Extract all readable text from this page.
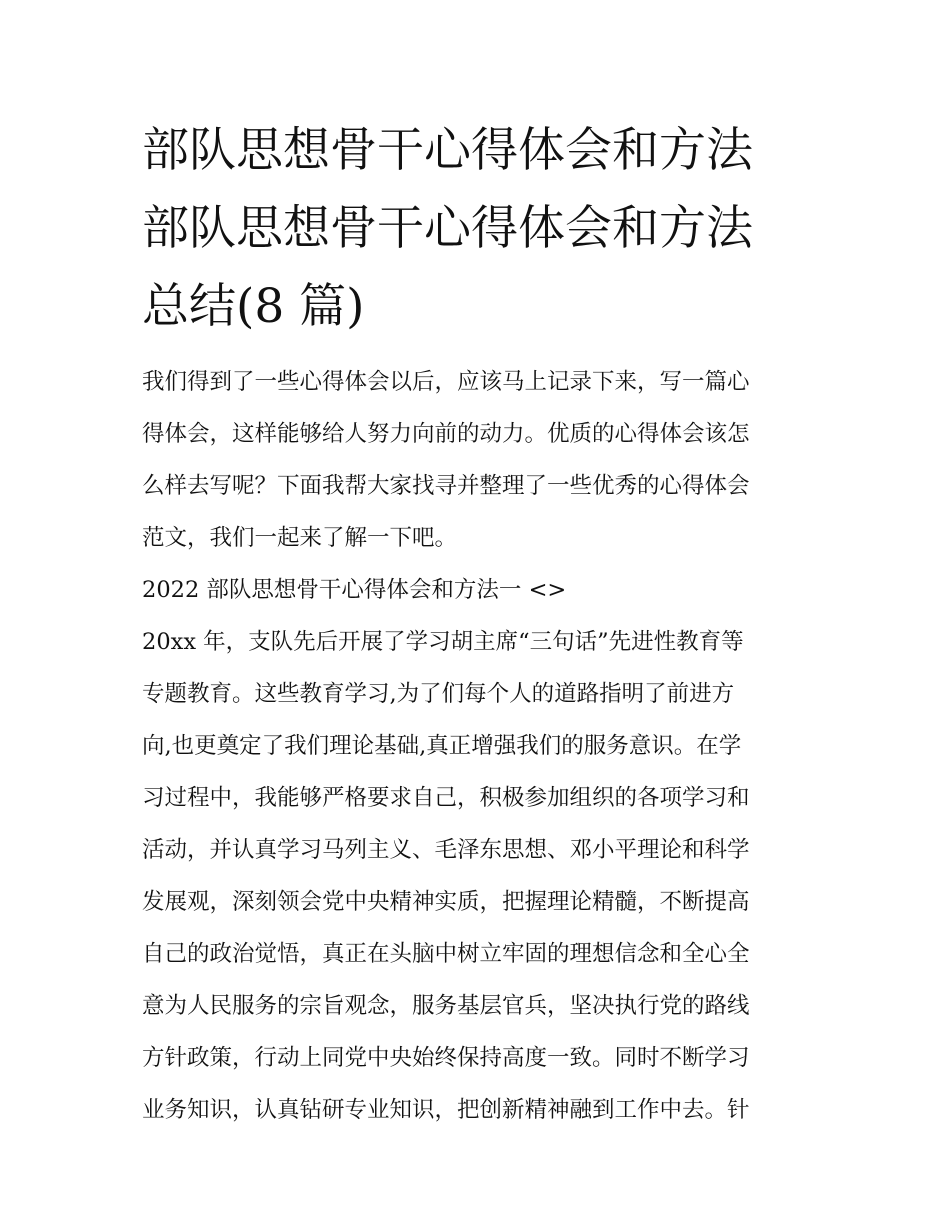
部队思想骨干心得体会和方法
部队思想骨干心得体会和方法
总结(8 篇)
我们得到了一些心得体会以后，应该马上记录下来，写一篇心
得体会，这样能够给人努力向前的动力。优质的心得体会该怎
么样去写呢？下面我帮大家找寻并整理了一些优秀的心得体会
范文，我们一起来了解一下吧。
2022 部队思想骨干心得体会和方法一 <>
20xx 年，支队先后开展了学习胡主席“三句话”先进性教育等
专题教育。这些教育学习,为了们每个人的道路指明了前进方
向,也更奠定了我们理论基础,真正增强我们的服务意识。在学
习过程中，我能够严格要求自己，积极参加组织的各项学习和
活动，并认真学习马列主义、毛泽东思想、邓小平理论和科学
发展观，深刻领会党中央精神实质，把握理论精髓，不断提高
自己的政治觉悟，真正在头脑中树立牢固的理想信念和全心全
意为人民服务的宗旨观念，服务基层官兵，坚决执行党的路线
方针政策，行动上同党中央始终保持高度一致。同时不断学习
业务知识，认真钻研专业知识，把创新精神融到工作中去。针
